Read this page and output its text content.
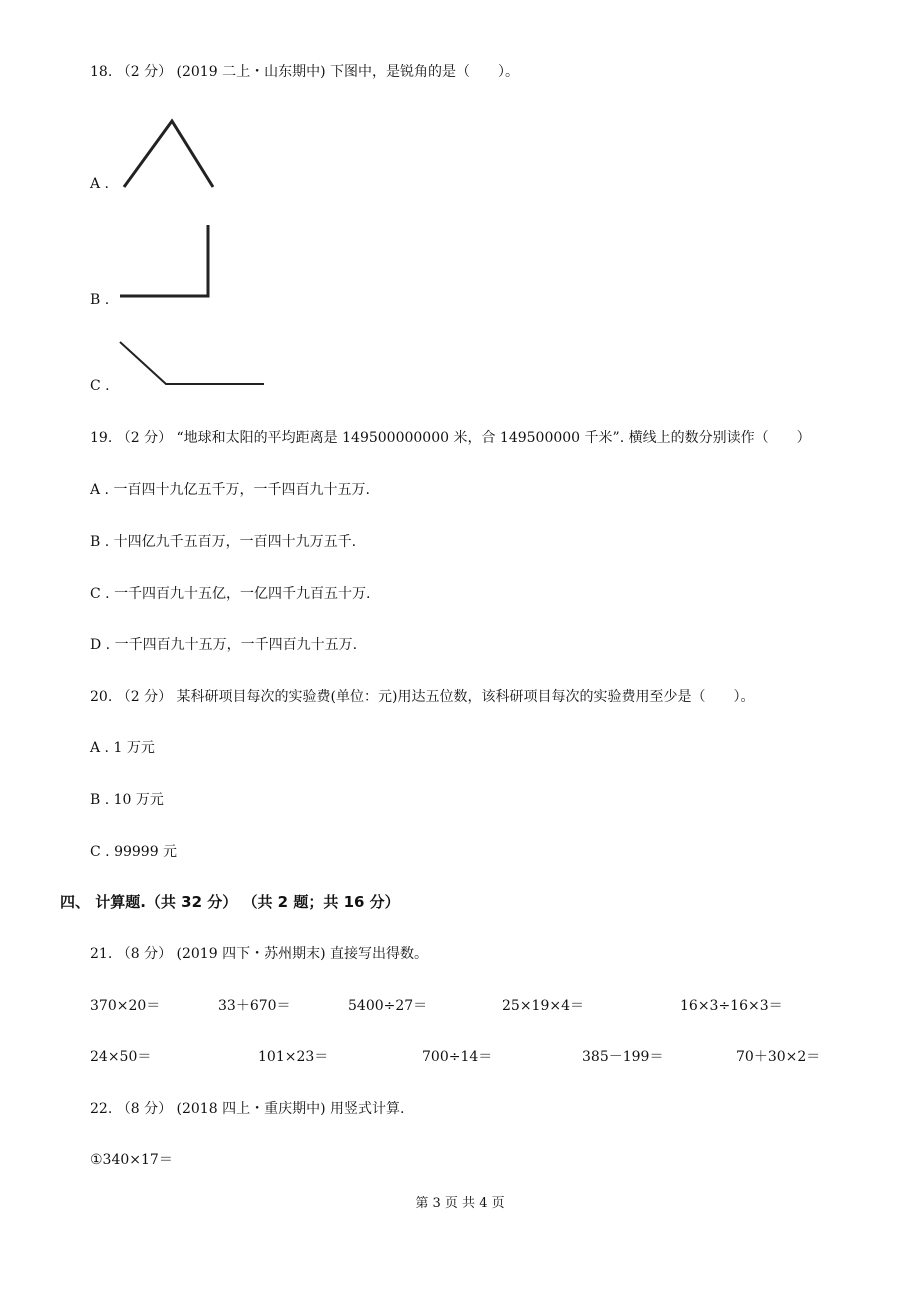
18. （2 分） (2019 二上・山东期中) 下图中，是锐角的是（　　）。
A .
B .
C .
19. （2 分） “地球和太阳的平均距离是 149500000000 米，合 149500000 千米”. 横线上的数分别读作（　　）
A . 一百四十九亿五千万，一千四百九十五万.
B . 十四亿九千五百万，一百四十九万五千.
C . 一千四百九十五亿，一亿四千九百五十万.
D . 一千四百九十五万，一千四百九十五万.
20. （2 分） 某科研项目每次的实验费(单位：元)用达五位数，该科研项目每次的实验费用至少是（　　）。
A . 1 万元
B . 10 万元
C . 99999 元
四、 计算题.（共 32 分） （共 2 题；共 16 分）
21. （8 分） (2019 四下・苏州期末) 直接写出得数。
370×20＝	33＋670＝	5400÷27＝	25×19×4＝	16×3÷16×3＝
24×50＝	101×23＝	700÷14＝	385－199＝	70＋30×2＝
22. （8 分） (2018 四上・重庆期中) 用竖式计算.
①340×17＝
第 3 页 共 4 页
